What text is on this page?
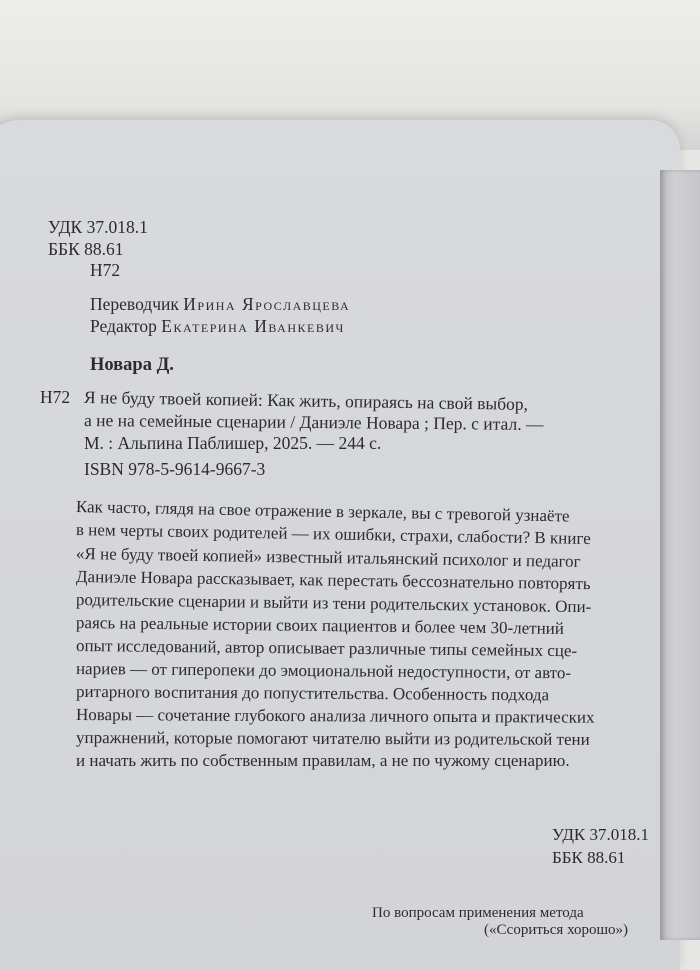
УДК 37.018.1
ББК 88.61
Н72
Переводчик Ирина Ярославцева
Редактор Екатерина Иванкевич
Новара Д.
Н72 Я не буду твоей копией: Как жить, опираясь на свой выбор,
а не на семейные сценарии / Даниэле Новара ; Пер. с итал. —
М. : Альпина Паблишер, 2025. — 244 с.
ISBN 978-5-9614-9667-3
Как часто, глядя на свое отражение в зеркале, вы с тревогой узнаёте
в нем черты своих родителей — их ошибки, страхи, слабости? В книге
«Я не буду твоей копией» известный итальянский психолог и педагог
Даниэле Новара рассказывает, как перестать бессознательно повторять
родительские сценарии и выйти из тени родительских установок. Опи-
раясь на реальные истории своих пациентов и более чем 30-летний
опыт исследований, автор описывает различные типы семейных сце-
нариев — от гиперопеки до эмоциональной недоступности, от авто-
ритарного воспитания до попустительства. Особенность подхода
Новары — сочетание глубокого анализа личного опыта и практических
упражнений, которые помогают читателю выйти из родительской тени
и начать жить по собственным правилам, а не по чужому сценарию.
УДК 37.018.1
ББК 88.61
По вопросам применения метода
(«Ссориться хорошо»)
